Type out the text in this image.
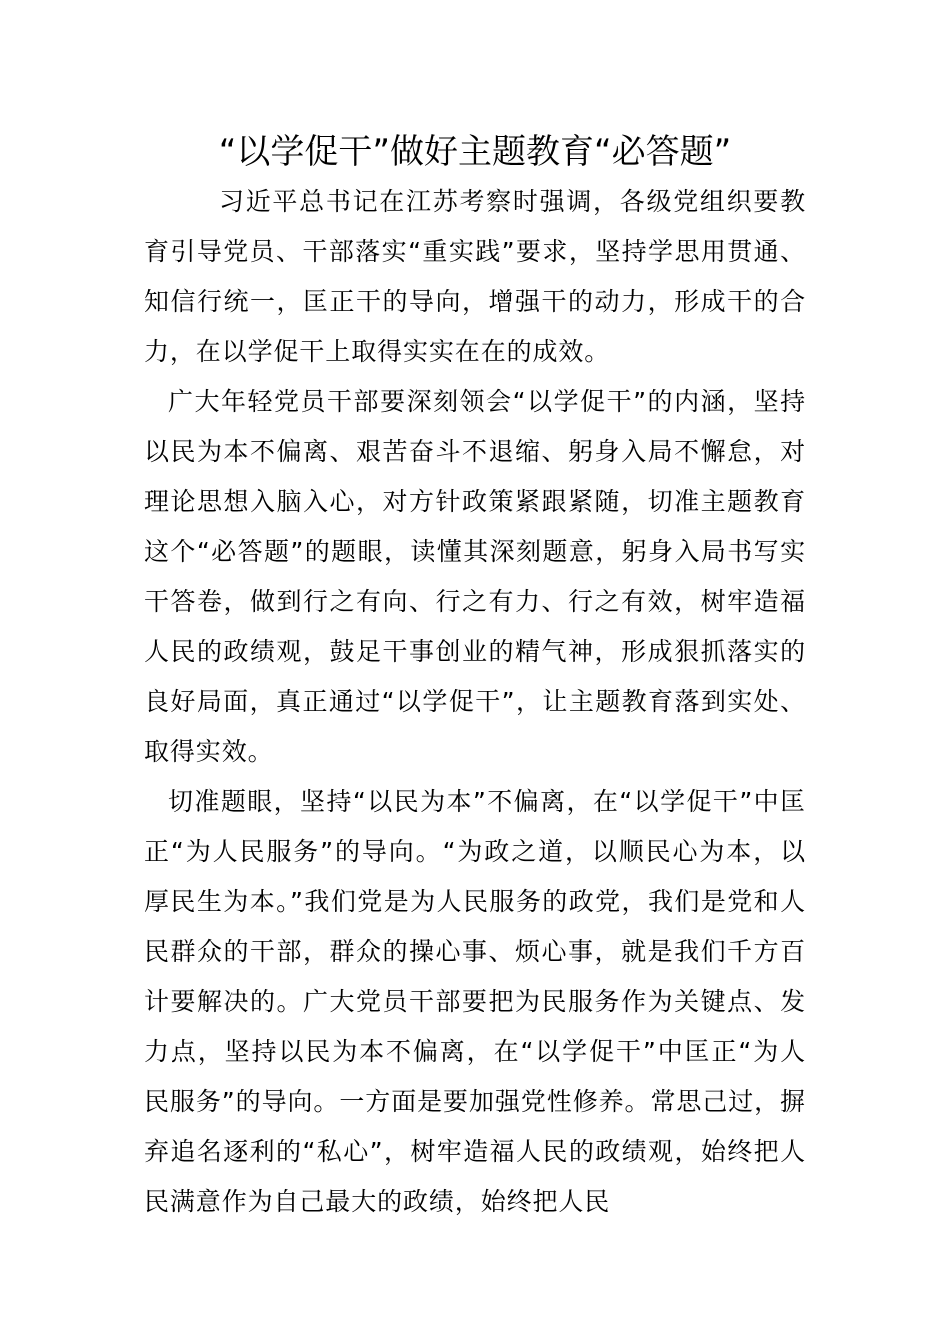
“以学促干”做好主题教育“必答题”

习近平总书记在江苏考察时强调，各级党组织要教育引导党员、干部落实“重实践”要求，坚持学思用贯通、知信行统一，匡正干的导向，增强干的动力，形成干的合力，在以学促干上取得实实在在的成效。

广大年轻党员干部要深刻领会“以学促干”的内涵，坚持以民为本不偏离、艰苦奋斗不退缩、躬身入局不懈怠，对理论思想入脑入心，对方针政策紧跟紧随，切准主题教育这个“必答题”的题眼，读懂其深刻题意，躬身入局书写实干答卷，做到行之有向、行之有力、行之有效，树牢造福人民的政绩观，鼓足干事创业的精气神，形成狠抓落实的良好局面，真正通过“以学促干”，让主题教育落到实处、取得实效。

切准题眼，坚持“以民为本”不偏离，在“以学促干”中匡正“为人民服务”的导向。“为政之道，以顺民心为本，以厚民生为本。”我们党是为人民服务的政党，我们是党和人民群众的干部，群众的操心事、烦心事，就是我们千方百计要解决的。广大党员干部要把为民服务作为关键点、发力点，坚持以民为本不偏离，在“以学促干”中匡正“为人民服务”的导向。一方面是要加强党性修养。常思己过，摒弃追名逐利的“私心”，树牢造福人民的政绩观，始终把人民满意作为自己最大的政绩，始终把人民
